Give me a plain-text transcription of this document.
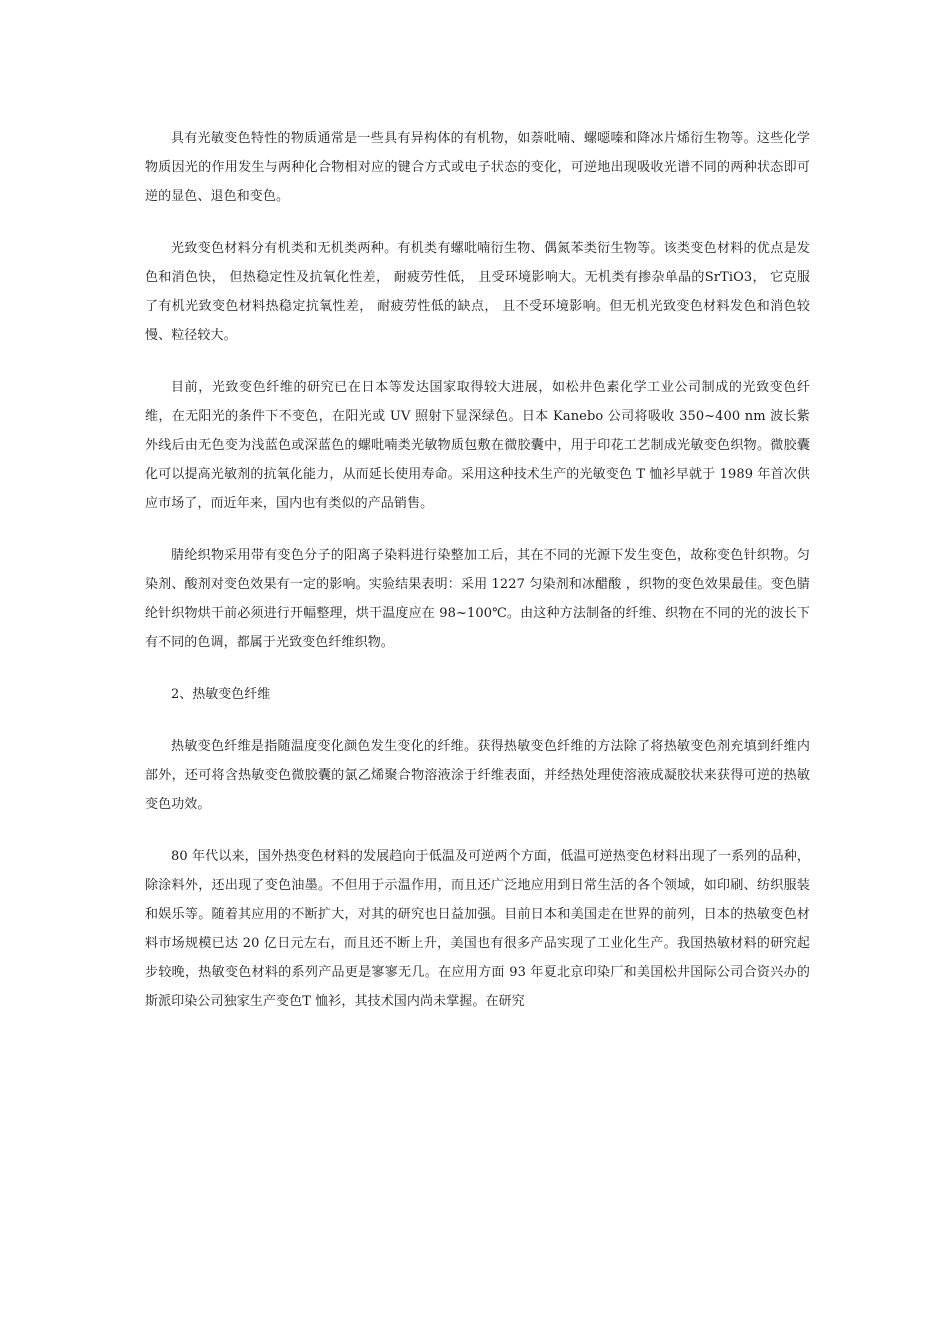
具有光敏变色特性的物质通常是一些具有异构体的有机物，如萘吡喃、螺噁嗪和降冰片烯衍生物等。这些化学物质因光的作用发生与两种化合物相对应的键合方式或电子状态的变化，可逆地出现吸收光谱不同的两种状态即可逆的显色、退色和变色。

光致变色材料分有机类和无机类两种。有机类有螺吡喃衍生物、偶氮苯类衍生物等。该类变色材料的优点是发色和消色快， 但热稳定性及抗氧化性差， 耐疲劳性低， 且受环境影响大。无机类有掺杂单晶的SrTiO3， 它克服了有机光致变色材料热稳定抗氧性差， 耐疲劳性低的缺点， 且不受环境影响。但无机光致变色材料发色和消色较慢、粒径较大。

目前，光致变色纤维的研究已在日本等发达国家取得较大进展，如松井色素化学工业公司制成的光致变色纤维，在无阳光的条件下不变色，在阳光或 UV 照射下显深绿色。日本 Kanebo 公司将吸收 350~400 nm 波长紫外线后由无色变为浅蓝色或深蓝色的螺吡喃类光敏物质包敷在微胶囊中，用于印花工艺制成光敏变色织物。微胶囊化可以提高光敏剂的抗氧化能力，从而延长使用寿命。采用这种技术生产的光敏变色 T 恤衫早就于 1989 年首次供应市场了，而近年来，国内也有类似的产品销售。

腈纶织物采用带有变色分子的阳离子染料进行染整加工后，其在不同的光源下发生变色，故称变色针织物。匀染剂、酸剂对变色效果有一定的影响。实验结果表明：采用 1227 匀染剂和冰醋酸 ，织物的变色效果最佳。变色腈纶针织物烘干前必须进行开幅整理，烘干温度应在 98~100℃。由这种方法制备的纤维、织物在不同的光的波长下有不同的色调，都属于光致变色纤维织物。

2、热敏变色纤维

热敏变色纤维是指随温度变化颜色发生变化的纤维。获得热敏变色纤维的方法除了将热敏变色剂充填到纤维内部外，还可将含热敏变色微胶囊的氯乙烯聚合物溶液涂于纤维表面，并经热处理使溶液成凝胶状来获得可逆的热敏变色功效。

80 年代以来，国外热变色材料的发展趋向于低温及可逆两个方面，低温可逆热变色材料出现了一系列的品种，除涂料外，还出现了变色油墨。不但用于示温作用，而且还广泛地应用到日常生活的各个领域，如印刷、纺织服装和娱乐等。随着其应用的不断扩大，对其的研究也日益加强。目前日本和美国走在世界的前列，日本的热敏变色材料市场规模已达 20 亿日元左右，而且还不断上升，美国也有很多产品实现了工业化生产。我国热敏材料的研究起步较晚，热敏变色材料的系列产品更是寥寥无几。在应用方面 93 年夏北京印染厂和美国松井国际公司合资兴办的斯派印染公司独家生产变色T 恤衫，其技术国内尚未掌握。在研究
